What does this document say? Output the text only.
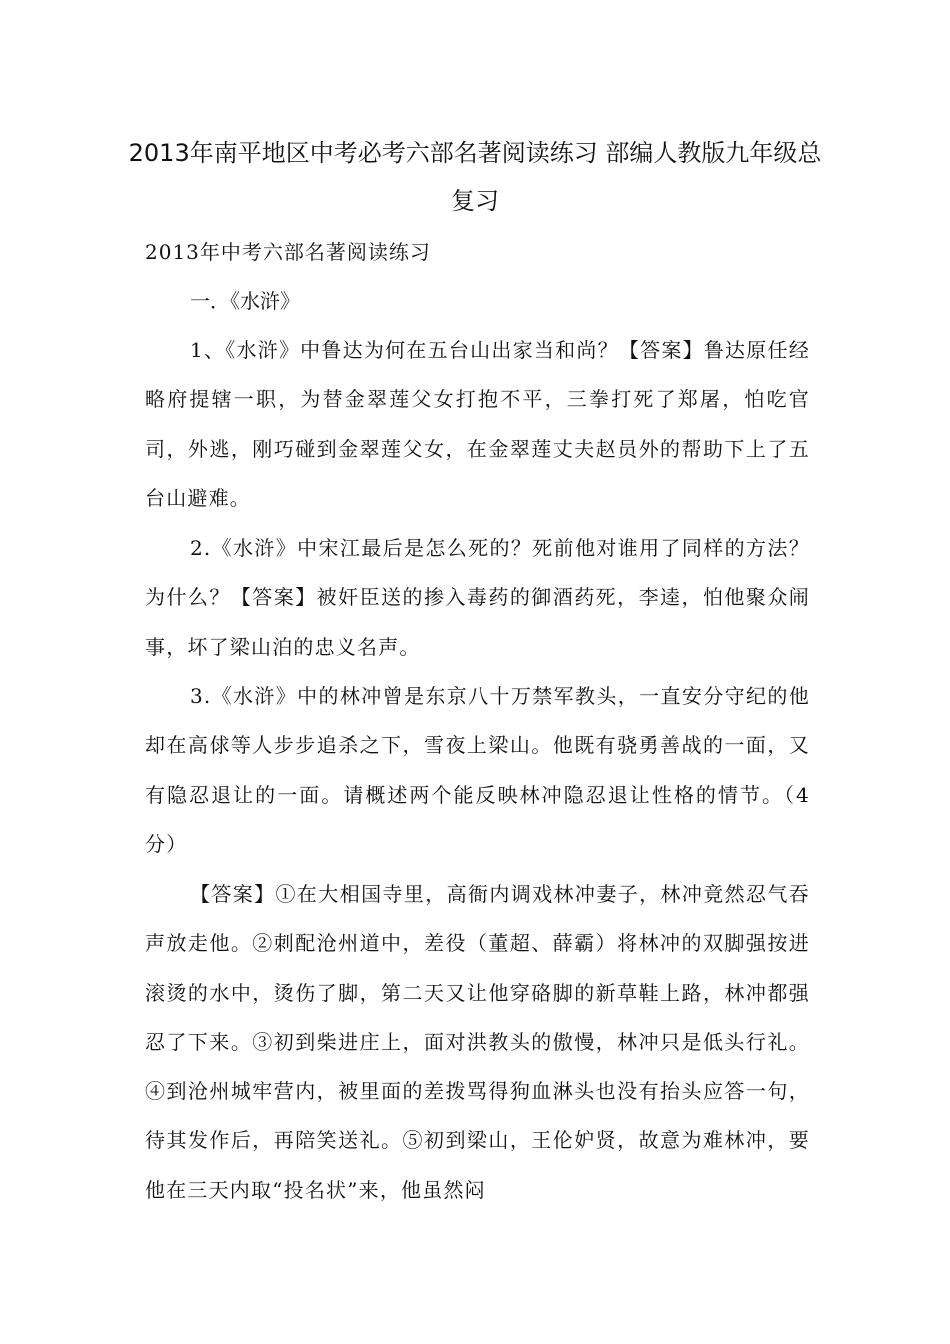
2013年南平地区中考必考六部名著阅读练习 部编人教版九年级总
复习
2013年中考六部名著阅读练习
一．《水浒》

1、《水浒》中鲁达为何在五台山出家当和尚？【答案】鲁达原任经略府提辖一职，为替金翠莲父女打抱不平，三拳打死了郑屠，怕吃官司，外逃，刚巧碰到金翠莲父女，在金翠莲丈夫赵员外的帮助下上了五台山避难。

2.《水浒》中宋江最后是怎么死的？死前他对谁用了同样的方法？为什么？【答案】被奸臣送的掺入毒药的御酒药死，李逵，怕他聚众闹事，坏了梁山泊的忠义名声。

3.《水浒》中的林冲曾是东京八十万禁军教头，一直安分守纪的他却在高俅等人步步追杀之下，雪夜上梁山。他既有骁勇善战的一面，又有隐忍退让的一面。请概述两个能反映林冲隐忍退让性格的情节。（4分）

【答案】①在大相国寺里，高衙内调戏林冲妻子，林冲竟然忍气吞声放走他。②刺配沧州道中，差役（董超、薛霸）将林冲的双脚强按进滚烫的水中，烫伤了脚，第二天又让他穿硌脚的新草鞋上路，林冲都强忍了下来。③初到柴进庄上，面对洪教头的傲慢，林冲只是低头行礼。④到沧州城牢营内，被里面的差拨骂得狗血淋头也没有抬头应答一句，待其发作后，再陪笑送礼。⑤初到梁山，王伦妒贤，故意为难林冲，要他在三天内取“投名状”来，他虽然闷
